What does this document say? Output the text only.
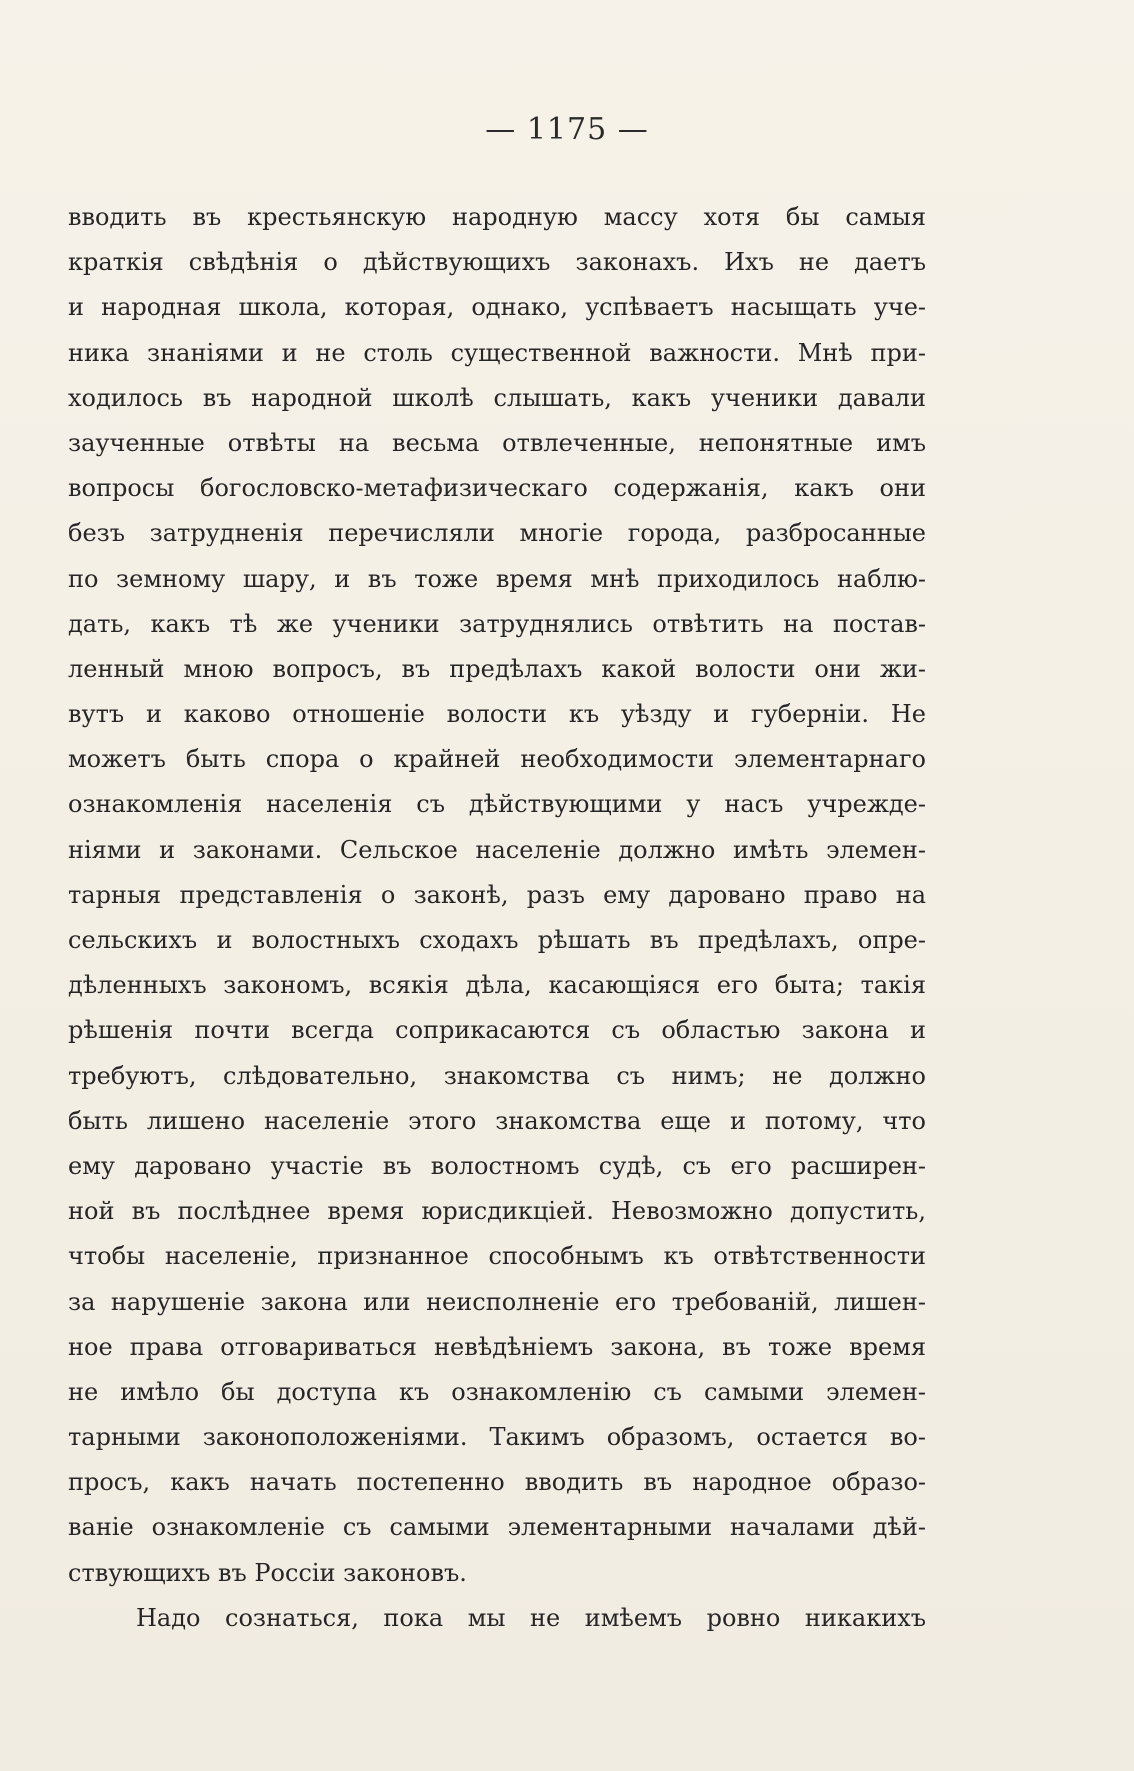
— 1175 —
вводить въ крестьянскую народную массу хотя бы самыя
краткія свѣдѣнія о дѣйствующихъ законахъ. Ихъ не даетъ
и народная школа, которая, однако, успѣваетъ насыщать уче-
ника знаніями и не столь существенной важности. Мнѣ при-
ходилось въ народной школѣ слышать, какъ ученики давали
заученные отвѣты на весьма отвлеченные, непонятные имъ
вопросы богословско-метафизическаго содержанія, какъ они
безъ затрудненія перечисляли многіе города, разбросанные
по земному шару, и въ тоже время мнѣ приходилось наблю-
дать, какъ тѣ же ученики затруднялись отвѣтить на постав-
ленный мною вопросъ, въ предѣлахъ какой волости они жи-
вутъ и каково отношеніе волости къ уѣзду и губерніи. Не
можетъ быть спора о крайней необходимости элементарнаго
ознакомленія населенія съ дѣйствующими у насъ учрежде-
ніями и законами. Сельское населеніе должно имѣть элемен-
тарныя представленія о законѣ, разъ ему даровано право на
сельскихъ и волостныхъ сходахъ рѣшать въ предѣлахъ, опре-
дѣленныхъ закономъ, всякія дѣла, касающіяся его быта; такія
рѣшенія почти всегда соприкасаются съ областью закона и
требуютъ, слѣдовательно, знакомства съ нимъ; не должно
быть лишено населеніе этого знакомства еще и потому, что
ему даровано участіе въ волостномъ судѣ, съ его расширен-
ной въ послѣднее время юрисдикціей. Невозможно допустить,
чтобы населеніе, признанное способнымъ къ отвѣтственности
за нарушеніе закона или неисполненіе его требованій, лишен-
ное права отговариваться невѣдѣніемъ закона, въ тоже время
не имѣло бы доступа къ ознакомленію съ самыми элемен-
тарными законоположеніями. Такимъ образомъ, остается во-
просъ, какъ начать постепенно вводить въ народное образо-
ваніе ознакомленіе съ самыми элементарными началами дѣй-
ствующихъ въ Россіи законовъ.
Надо сознаться, пока мы не имѣемъ ровно никакихъ
